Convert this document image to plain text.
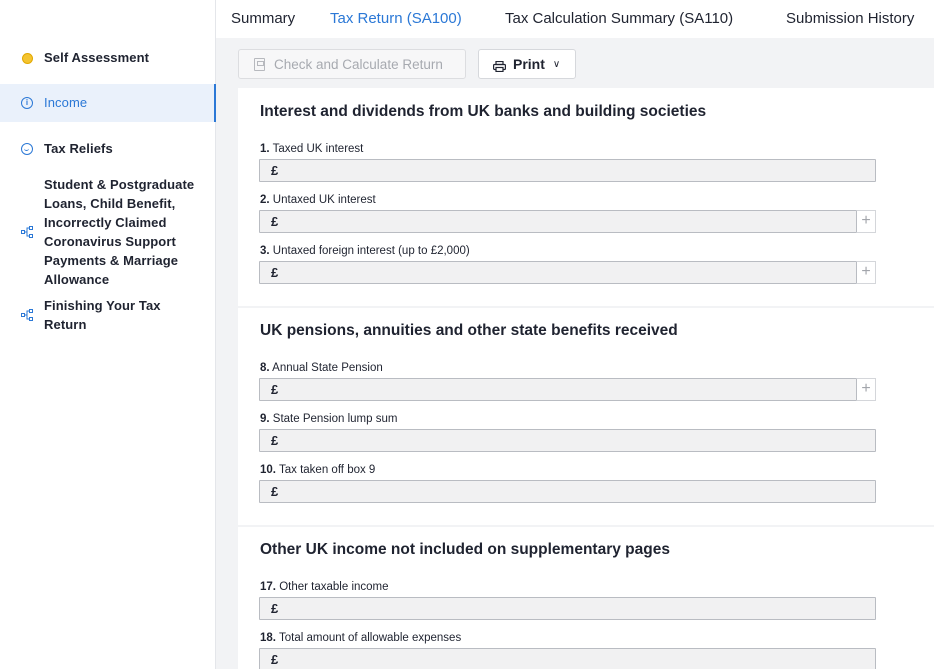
Self Assessment
i	Income
Tax Reliefs
Student & Postgraduate Loans, Child Benefit, Incorrectly Claimed Coronavirus Support Payments & Marriage Allowance
Finishing Your Tax Return
Summary Tax Return (SA100)	Tax Calculation Summary (SA110)	Submission History
Check and Calculate Return	Print ∨
Interest and dividends from UK banks and building societies
1. Taxed UK interest
£
2. Untaxed UK interest
£	+
3. Untaxed foreign interest (up to £2,000)
£	+
UK pensions, annuities and other state benefits received
8. Annual State Pension
£	+
9. State Pension lump sum
£
10. Tax taken off box 9
£
Other UK income not included on supplementary pages
17. Other taxable income
£
18. Total amount of allowable expenses
£
